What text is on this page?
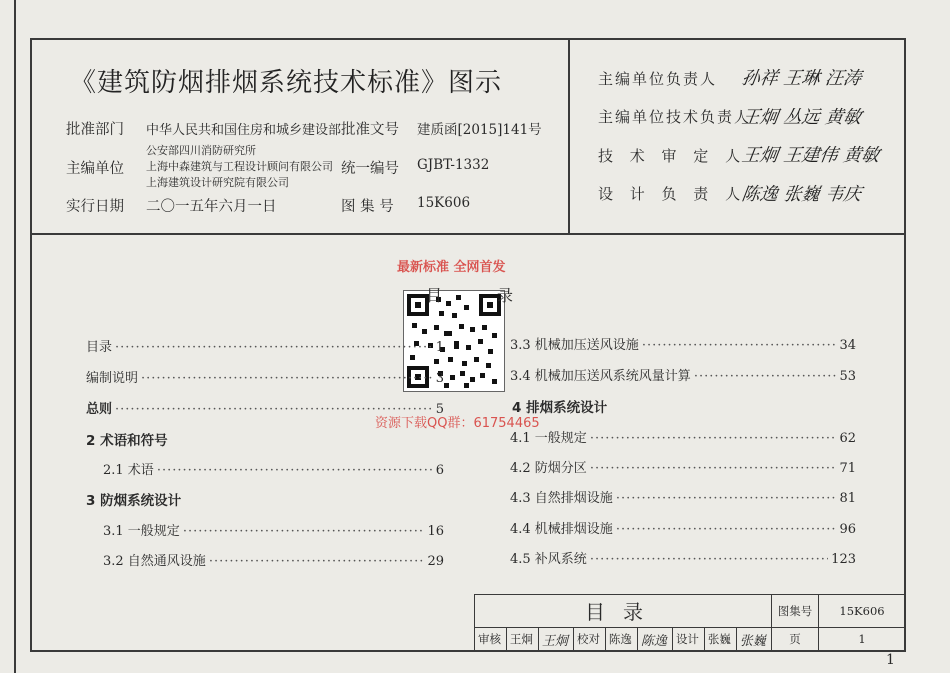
《建筑防烟排烟系统技术标准》图示
批准部门 中华人民共和国住房和城乡建设部 批准文号 建质函[2015]141号
主编单位
公安部四川消防研究所
上海中森建筑与工程设计顾问有限公司
上海建筑设计研究院有限公司
统一编号 GJBT-1332
实行日期 二〇一五年六月一日	图 集 号 15K606
主编单位负责人 孙祥 王琳 汪涛
主编单位技术负责人
王炯 丛远 黄敏
技 术 审 定 人
王炯 王建伟 黄敏
设 计 负 责 人
陈逸 张巍 韦庆
最新标准 全网首发
资源下载QQ群：61754465
目	录
目录 ·····	1
编制说明 ·····	3
总则 ·····	5
2 术语和符号
2.1 术语 ·····	6
3 防烟系统设计
3.1 一般规定 ·····	16
3.2 自然通风设施 ·····	29
3.3 机械加压送风设施 ·····	34
3.4 机械加压送风系统风量计算 ·····	53
4 排烟系统设计
4.1 一般规定 ·····	62
4.2 防烟分区 ·····	71
4.3 自然排烟设施 ·····	81
4.4 机械排烟设施 ·····	96
4.5 补风系统 ·····	123
目录									图集号	15K606
审核	王炯	王炯	校对	陈逸	陈逸	设计	张巍	张巍	页	1
1
